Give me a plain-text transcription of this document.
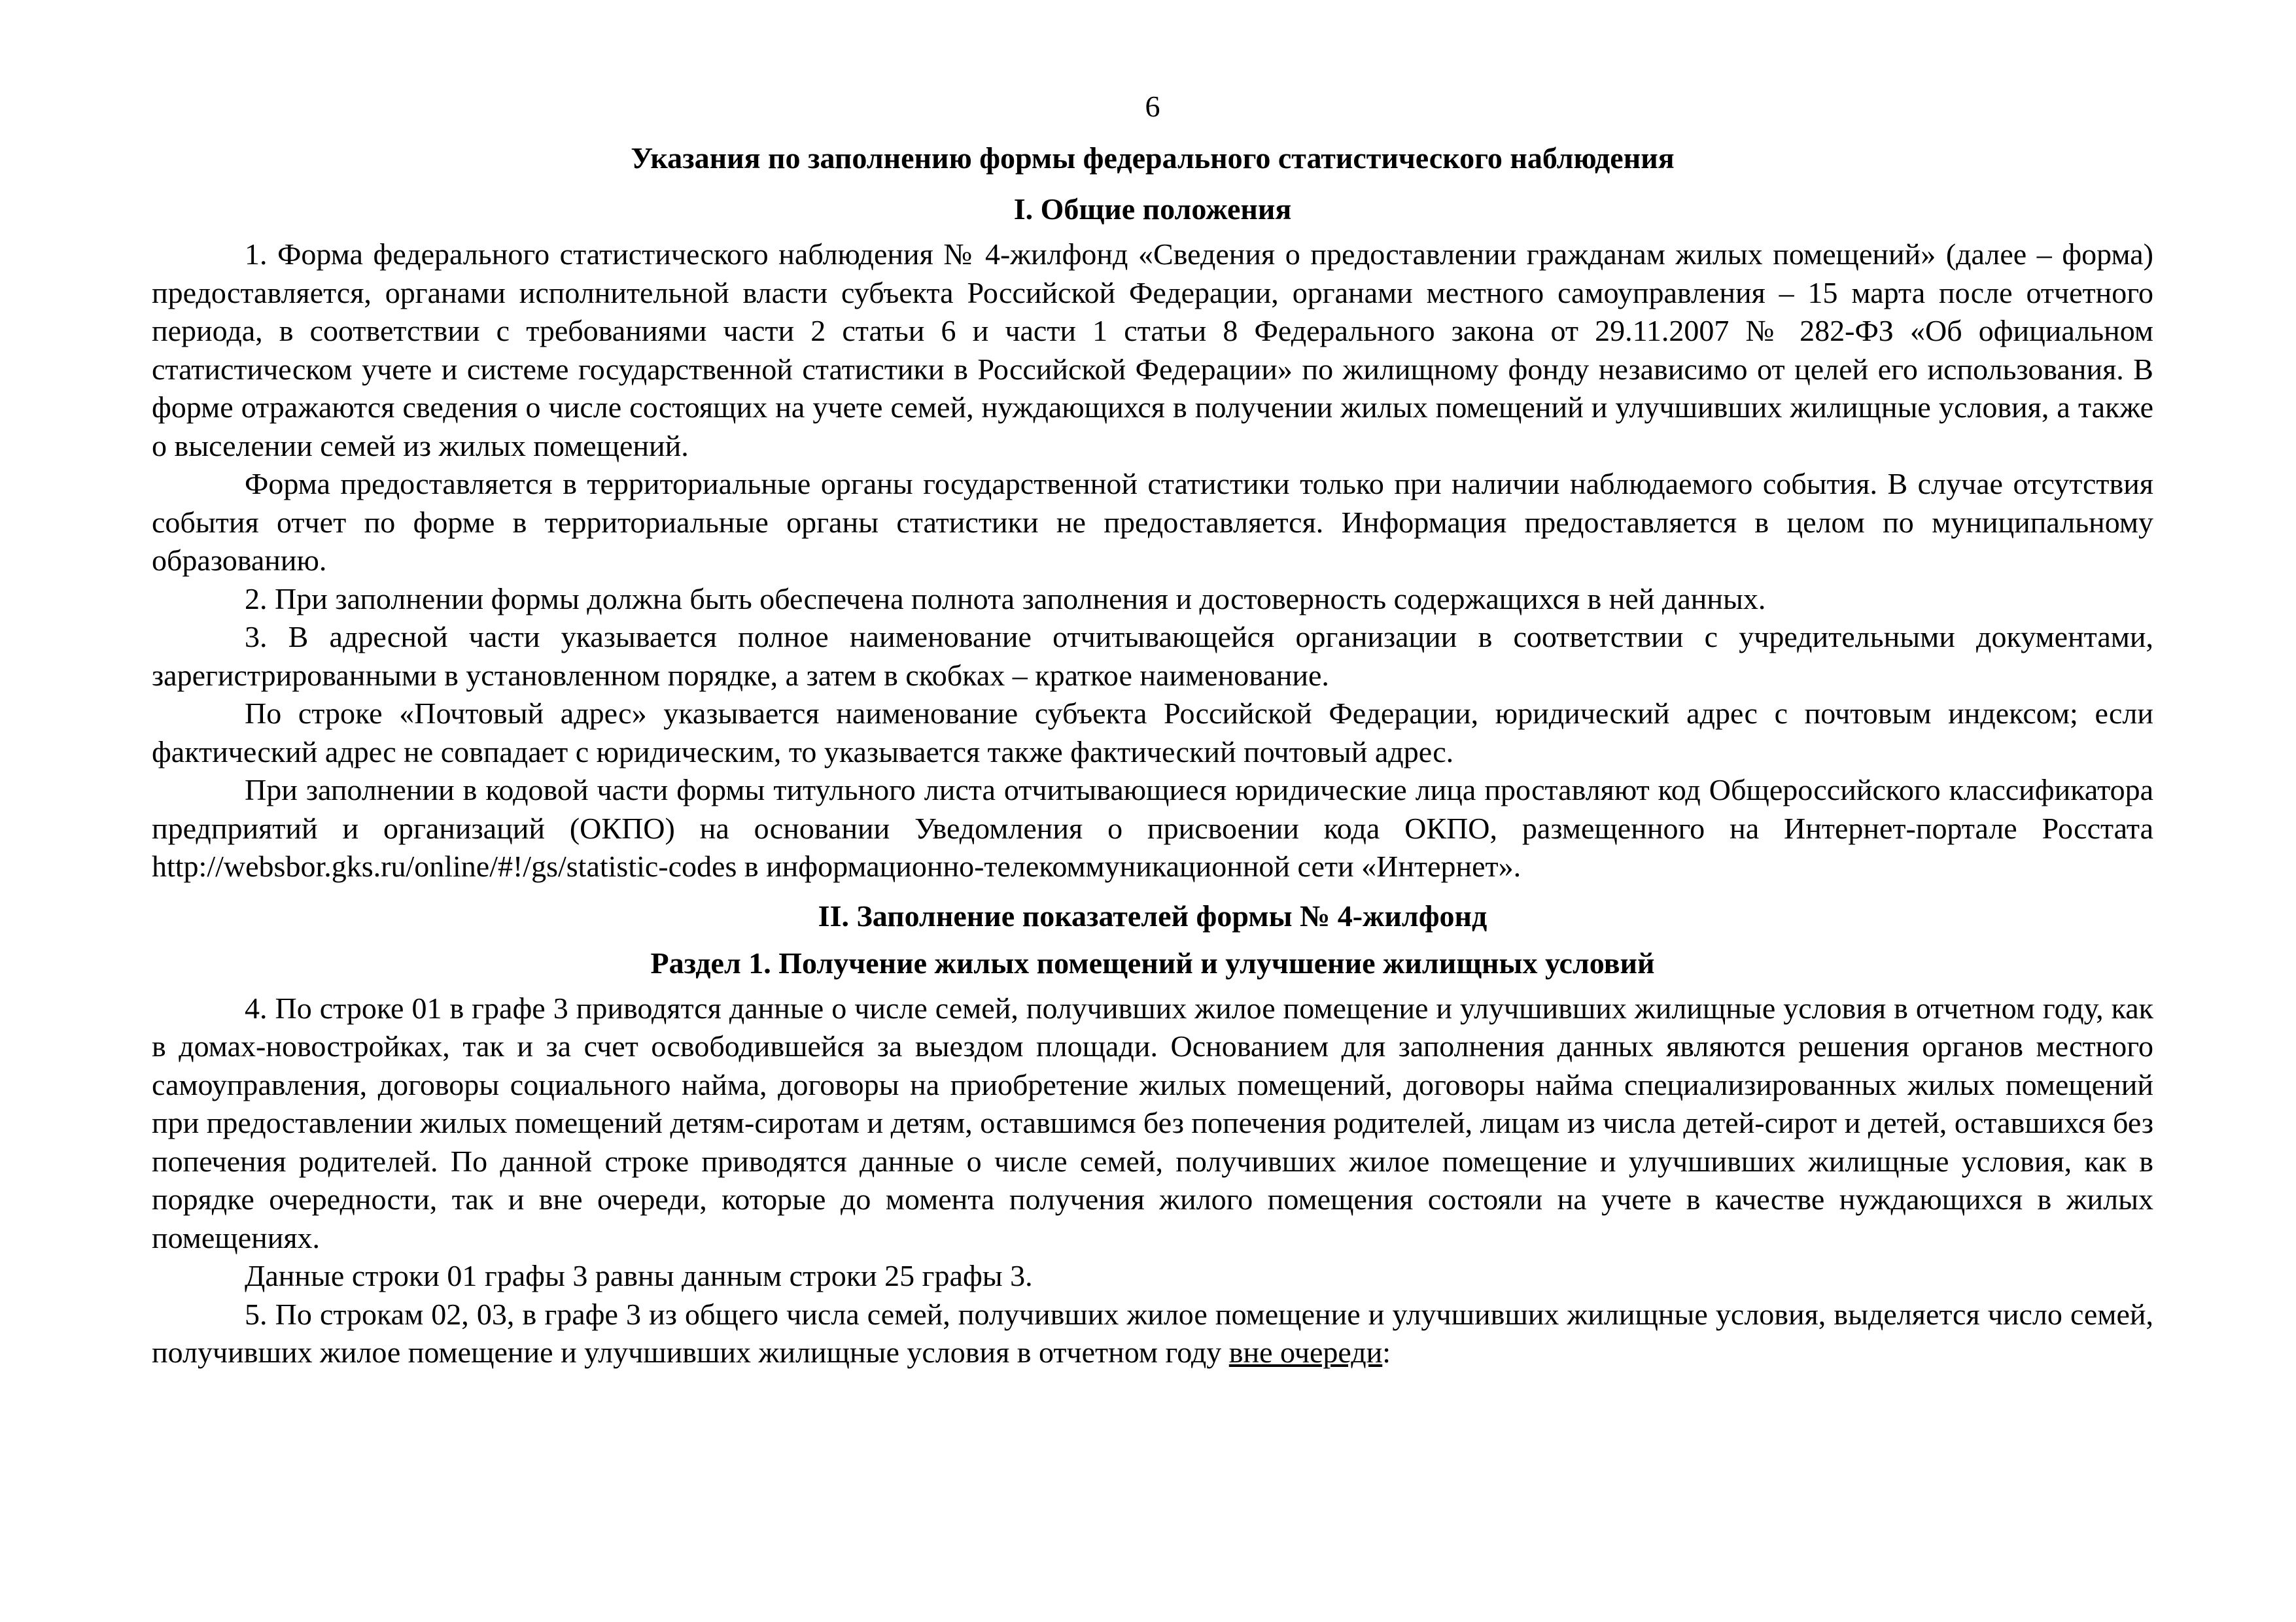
6
Указания по заполнению формы федерального статистического наблюдения
I. Общие положения

1. Форма федерального статистического наблюдения № 4-жилфонд «Сведения о предоставлении гражданам жилых помещений» (далее – форма) предоставляется, органами исполнительной власти субъекта Российской Федерации, органами местного самоуправления – 15 марта после отчетного периода, в соответствии с требованиями части 2 статьи 6 и части 1 статьи 8 Федерального закона от 29.11.2007 № 282-ФЗ «Об официальном статистическом учете и системе государственной статистики в Российской Федерации» по жилищному фонду независимо от целей его использования. В форме отражаются сведения о числе состоящих на учете семей, нуждающихся в получении жилых помещений и улучшивших жилищные условия, а также о выселении семей из жилых помещений.

Форма предоставляется в территориальные органы государственной статистики только при наличии наблюдаемого события. В случае отсутствия события отчет по форме в территориальные органы статистики не предоставляется. Информация предоставляется в целом по муниципальному образованию.

2. При заполнении формы должна быть обеспечена полнота заполнения и достоверность содержащихся в ней данных.

3. В адресной части указывается полное наименование отчитывающейся организации в соответствии с учредительными документами, зарегистрированными в установленном порядке, а затем в скобках – краткое наименование.

По строке «Почтовый адрес» указывается наименование субъекта Российской Федерации, юридический адрес с почтовым индексом; если фактический адрес не совпадает с юридическим, то указывается также фактический почтовый адрес.

При заполнении в кодовой части формы титульного листа отчитывающиеся юридические лица проставляют код Общероссийского классификатора предприятий и организаций (ОКПО) на основании Уведомления о присвоении кода ОКПО, размещенного на Интернет-портале Росстата http://websbor.gks.ru/online/#!/gs/statistic-codes в информационно-телекоммуникационной сети «Интернет».

II. Заполнение показателей формы № 4-жилфонд
Раздел 1. Получение жилых помещений и улучшение жилищных условий

4. По строке 01 в графе 3 приводятся данные о числе семей, получивших жилое помещение и улучшивших жилищные условия в отчетном году, как в домах-новостройках, так и за счет освободившейся за выездом площади. Основанием для заполнения данных являются решения органов местного самоуправления, договоры социального найма, договоры на приобретение жилых помещений, договоры найма специализированных жилых помещений при предоставлении жилых помещений детям-сиротам и детям, оставшимся без попечения родителей, лицам из числа детей-сирот и детей, оставшихся без попечения родителей. По данной строке приводятся данные о числе семей, получивших жилое помещение и улучшивших жилищные условия, как в порядке очередности, так и вне очереди, которые до момента получения жилого помещения состояли на учете в качестве нуждающихся в жилых помещениях.

Данные строки 01 графы 3 равны данным строки 25 графы 3.

5. По строкам 02, 03, в графе 3 из общего числа семей, получивших жилое помещение и улучшивших жилищные условия, выделяется число семей, получивших жилое помещение и улучшивших жилищные условия в отчетном году вне очереди:
